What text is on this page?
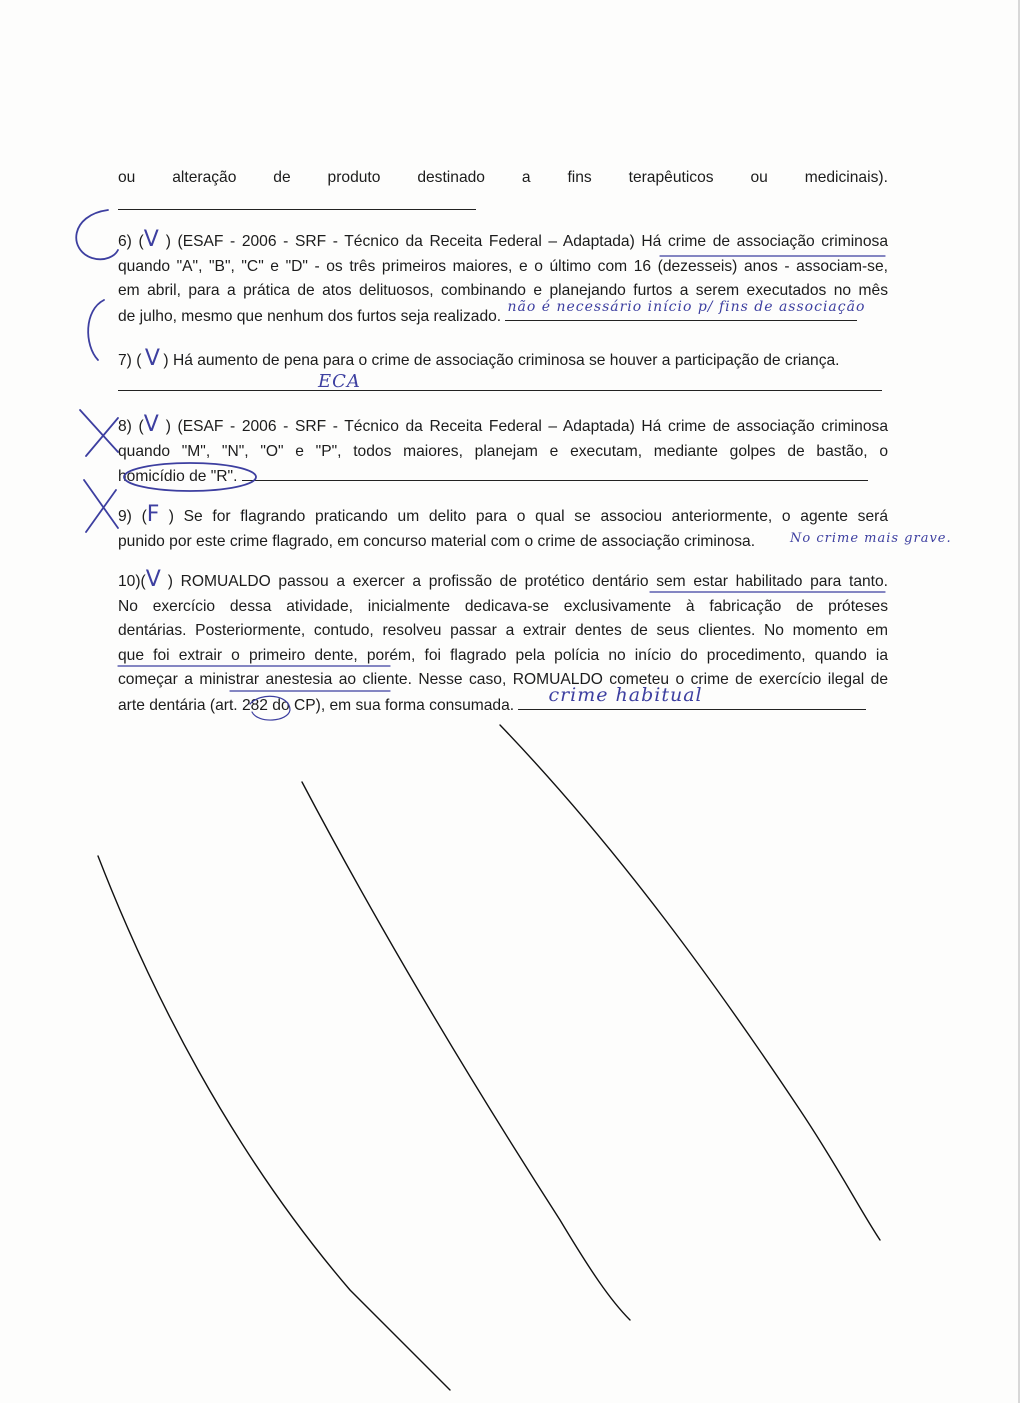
ou alteração de produto destinado a fins terapêuticos ou medicinais).
6) (V ) (ESAF - 2006 - SRF - Técnico da Receita Federal – Adaptada) Há crime de associação criminosa
quando "A", "B", "C" e "D" - os três primeiros maiores, e o último com 16 (dezesseis) anos - associam-se,
em abril, para a prática de atos delituosos, combinando e planejando furtos a serem executados no mês
de julho, mesmo que nenhum dos furtos seja realizado.
não é necessário início p/ fins de associação
7) ( V ) Há aumento de pena para o crime de associação criminosa se houver a participação de criança.
ECA
8) (V ) (ESAF - 2006 - SRF - Técnico da Receita Federal – Adaptada) Há crime de associação criminosa
quando "M", "N", "O" e "P", todos maiores, planejam e executam, mediante golpes de bastão, o
homicídio de "R".
9) (F ) Se for flagrando praticando um delito para o qual se associou anteriormente, o agente será
punido por este crime flagrado, em concurso material com o crime de associação criminosa.	No crime mais grave.
10)(V ) ROMUALDO passou a exercer a profissão de protético dentário sem estar habilitado para tanto.
No exercício dessa atividade, inicialmente dedicava-se exclusivamente à fabricação de próteses
dentárias. Posteriormente, contudo, resolveu passar a extrair dentes de seus clientes. No momento em
que foi extrair o primeiro dente, porém, foi flagrado pela polícia no início do procedimento, quando ia
começar a ministrar anestesia ao cliente. Nesse caso, ROMUALDO cometeu o crime de exercício ilegal de
arte dentária (art. 282 do CP), em sua forma consumada. crime habitual
